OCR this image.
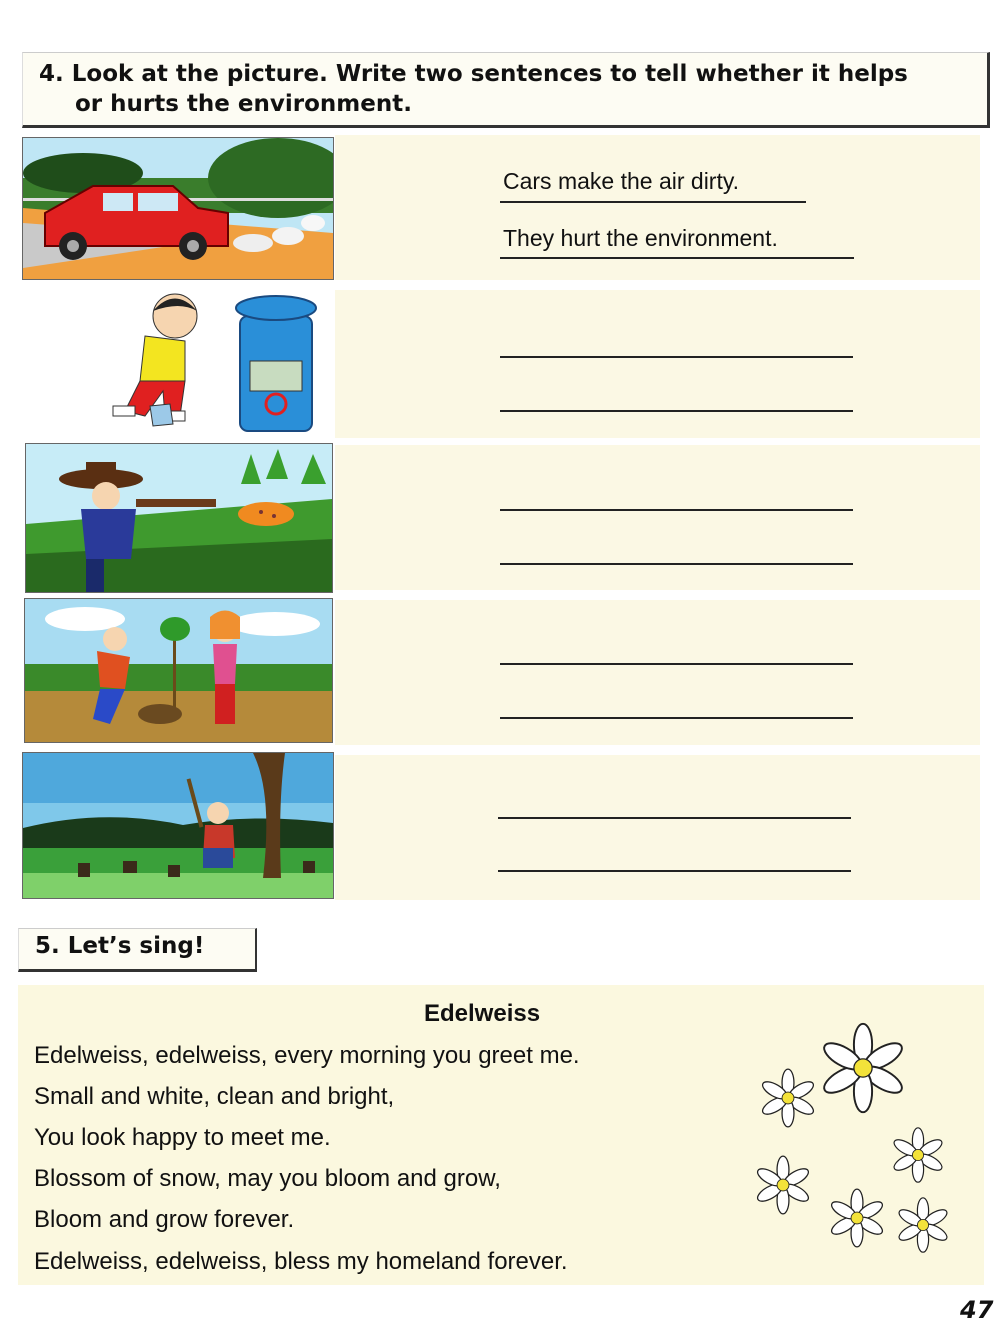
4. Look at the picture. Write two sentences to tell whether it helps
or hurts the environment.
Cars make the air dirty.
They hurt the environment.
5. Let’s sing!
Edelweiss
Edelweiss, edelweiss, every morning you greet me.
Small and white, clean and bright,
You look happy to meet me.
Blossom of snow, may you bloom and grow,
Bloom and grow forever.
Edelweiss, edelweiss, bless my homeland forever.
47
